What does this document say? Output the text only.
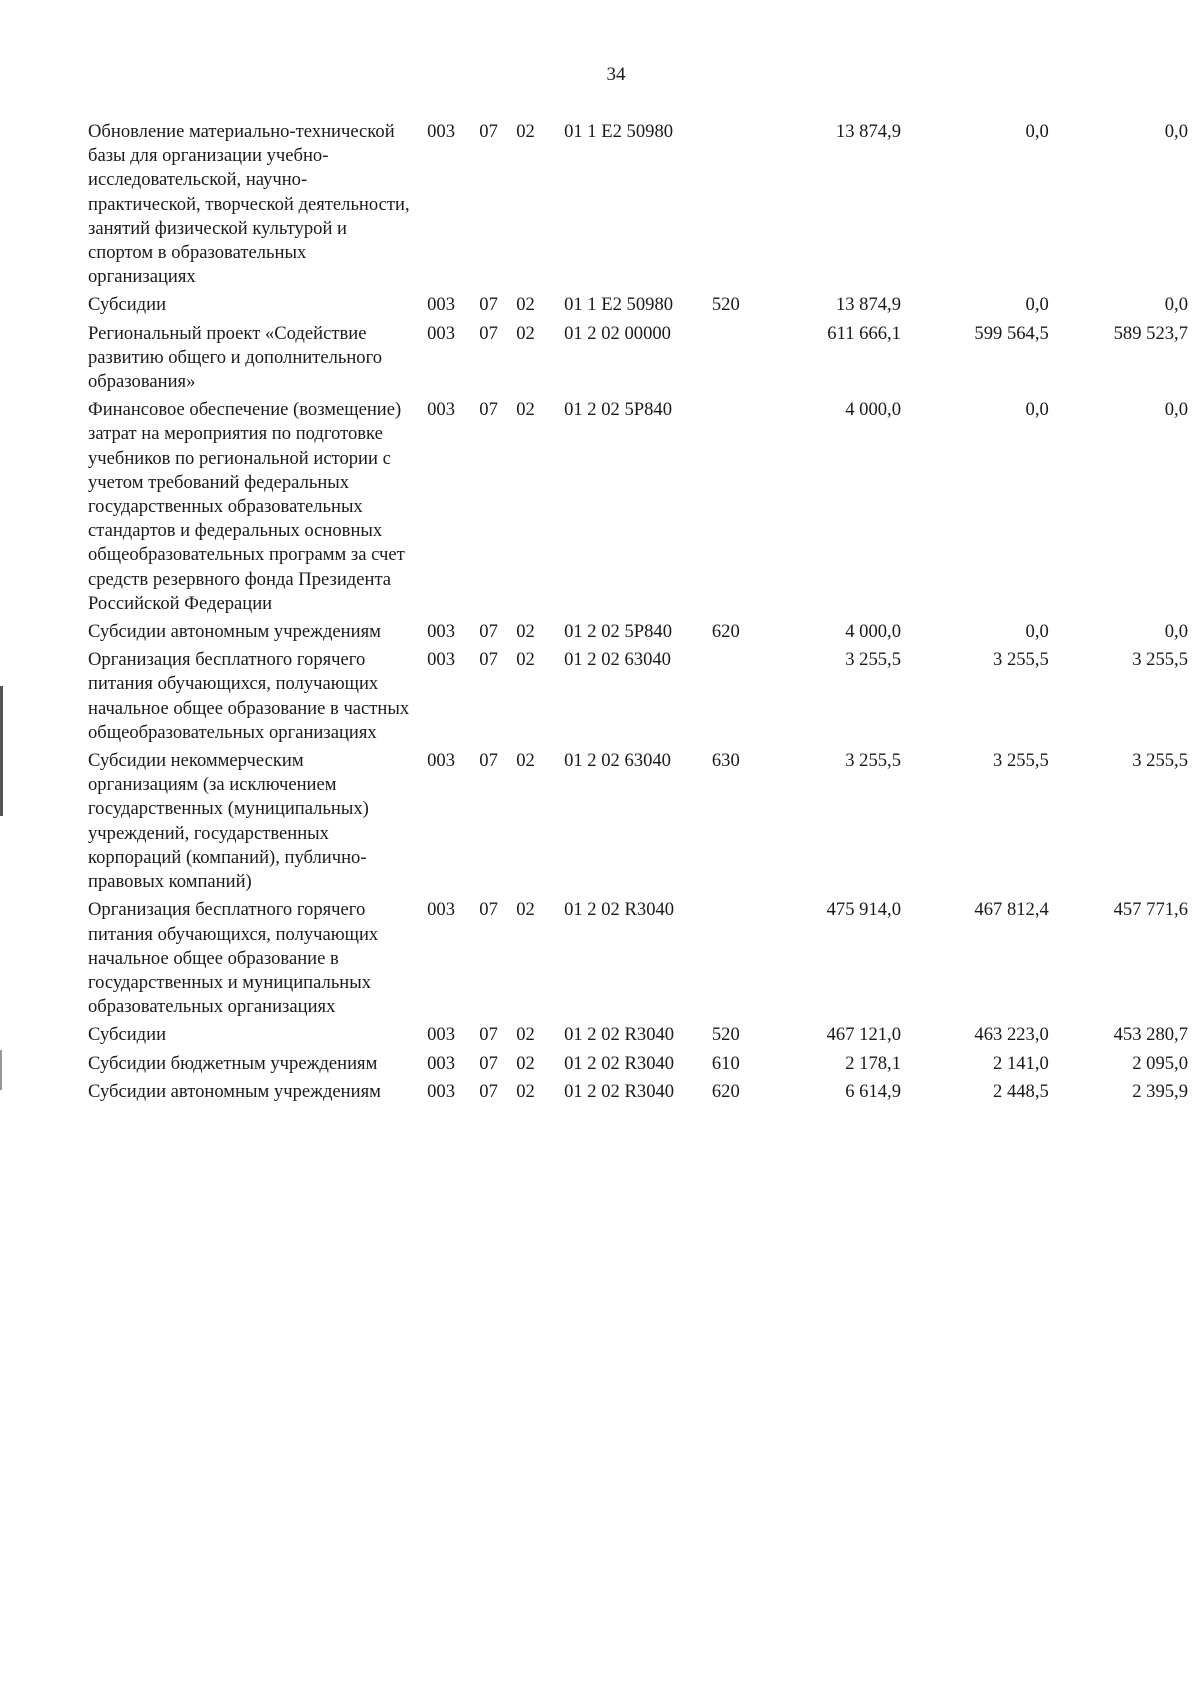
34
Обновление материально-технической базы для организации учебно-исследовательской, научно-практической, творческой деятельности, занятий физической культурой и спортом в образовательных организациях	003	07	02	01 1 E2 50980		13 874,9	0,0	0,0
Субсидии	003	07	02	01 1 E2 50980	520	13 874,9	0,0	0,0
Региональный проект «Содействие развитию общего и дополнительного образования»	003	07	02	01 2 02 00000		611 666,1	599 564,5	589 523,7
Финансовое обеспечение (возмещение) затрат на мероприятия по подготовке учебников по региональной истории с учетом требований федеральных государственных образовательных стандартов и федеральных основных общеобразовательных программ за счет средств резервного фонда Президента Российской Федерации	003	07	02	01 2 02 5P840		4 000,0	0,0	0,0
Субсидии автономным учреждениям	003	07	02	01 2 02 5P840	620	4 000,0	0,0	0,0
Организация бесплатного горячего питания обучающихся, получающих начальное общее образование в частных общеобразовательных организациях	003	07	02	01 2 02 63040		3 255,5	3 255,5	3 255,5
Субсидии некоммерческим организациям (за исключением государственных (муниципальных) учреждений, государственных корпораций (компаний), публично-правовых компаний)	003	07	02	01 2 02 63040	630	3 255,5	3 255,5	3 255,5
Организация бесплатного горячего питания обучающихся, получающих начальное общее образование в государственных и муниципальных образовательных организациях	003	07	02	01 2 02 R3040		475 914,0	467 812,4	457 771,6
Субсидии	003	07	02	01 2 02 R3040	520	467 121,0	463 223,0	453 280,7
Субсидии бюджетным учреждениям	003	07	02	01 2 02 R3040	610	2 178,1	2 141,0	2 095,0
Субсидии автономным учреждениям	003	07	02	01 2 02 R3040	620	6 614,9	2 448,5	2 395,9
